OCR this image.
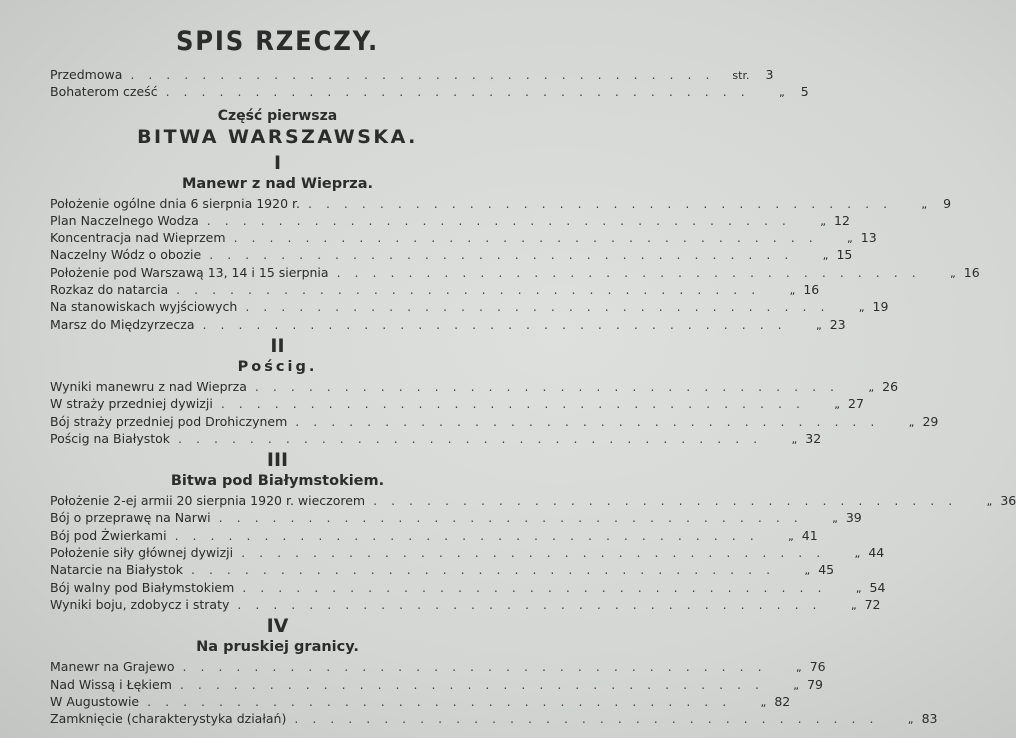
SPIS RZECZY.
Przedmowa ................................. str.	3
Bohaterom cześć .................................	„	5
Część pierwsza
BITWA WARSZAWSKA.
I
Manewr z nad Wieprza.
Położenie ogólne dnia 6 sierpnia 1920 r. .................................	„	9
Plan Naczelnego Wodza .................................	„ 12
Koncentracja nad Wieprzem .................................	„ 13
Naczelny Wódz o obozie .................................	„ 15
Położenie pod Warszawą 13, 14 i 15 sierpnia .................................	„ 16
Rozkaz do natarcia .................................	„ 16
Na stanowiskach wyjściowych .................................	„ 19
Marsz do Międzyrzecza .................................	„ 23
II
Pościg.
Wyniki manewru z nad Wieprza .................................	„ 26
W straży przedniej dywizji .................................	„ 27
Bój straży przedniej pod Drohiczynem .................................	„ 29
Pościg na Białystok .................................	„ 32
III
Bitwa pod Białymstokiem.
Położenie 2-ej armii 20 sierpnia 1920 r. wieczorem .................................	„ 36
Bój o przeprawę na Narwi .................................	„ 39
Bój pod Żwierkami .................................	„ 41
Położenie siły głównej dywizji .................................	„ 44
Natarcie na Białystok .................................	„ 45
Bój walny pod Białymstokiem .................................	„ 54
Wyniki boju, zdobycz i straty .................................	„ 72
IV
Na pruskiej granicy.
Manewr na Grajewo .................................	„ 76
Nad Wissą i Łękiem .................................	„ 79
W Augustowie .................................	„ 82
Zamknięcie (charakterystyka działań) .................................	„ 83
